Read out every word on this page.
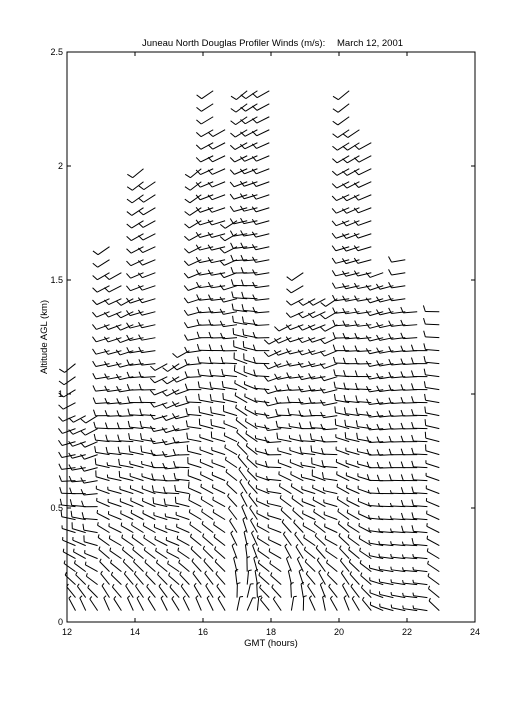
Juneau North Douglas Profiler Winds (m/s): March 12, 2001
12	14	16	18	20	22	24
0
0.5
1
1.5
2
2.5
GMT (hours)
Altitude AGL (km)
